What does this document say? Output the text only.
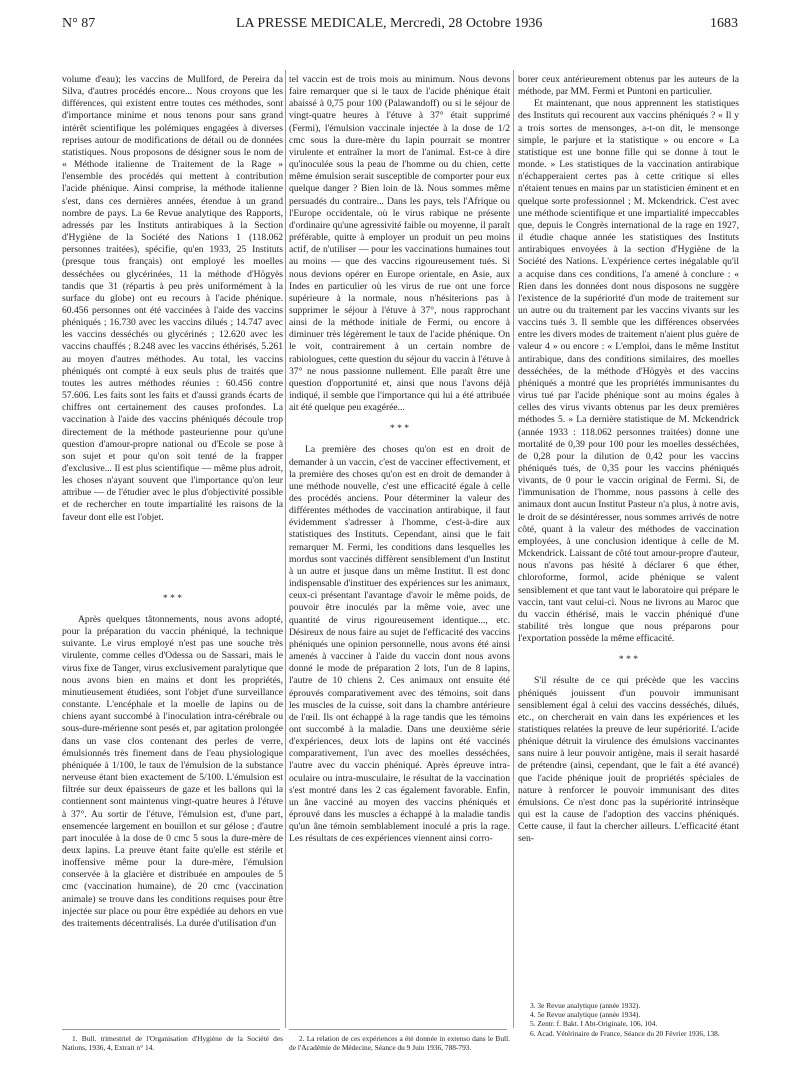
N° 87	LA PRESSE MEDICALE, Mercredi, 28 Octobre 1936	1683

volume d'eau); les vaccins de Mullford, de Pereira da Silva, d'autres procédés encore... Nous croyons que les différences, qui existent entre toutes ces méthodes, sont d'importance minime et nous tenons pour sans grand intérêt scientifique les polémiques engagées à diverses reprises autour de modifications de détail ou de données statistiques. Nous proposons de désigner sous le nom de « Méthode italienne de Traitement de la Rage » l'ensemble des procédés qui mettent à contribution l'acide phénique. Ainsi comprise, la méthode italienne s'est, dans ces dernières années, étendue à un grand nombre de pays. La 6e Revue analytique des Rapports, adressés par les Instituts antirabiques à la Section d'Hygiène de la Société des Nations 1 (118.062 personnes traitées), spécifie, qu'en 1933, 25 Instituts (presque tous français) ont employé les moelles desséchées ou glycérinées, 11 la méthode d'Högyès tandis que 31 (répartis à peu près uniformément à la surface du globe) ont eu recours à l'acide phénique. 60.456 personnes ont été vaccinées à l'aide des vaccins phéniqués ; 16.730 avec les vaccins dilués ; 14.747 avec les vaccins desséchés ou glycérinés ; 12.620 avec les vaccins chauffés ; 8.248 avec les vaccins éthérisés, 5.261 au moyen d'autres méthodes. Au total, les vaccins phéniqués ont compté à eux seuls plus de traités que toutes les autres méthodes réunies : 60.456 contre 57.606. Les faits sont les faits et d'aussi grands écarts de chiffres ont certainement des causes profondes. La vaccination à l'aide des vaccins phéniqués découle trop directement de la méthode pasteurienne pour qu'une question d'amour-propre national ou d'Ecole se pose à son sujet et pour qu'on soit tenté de la frapper d'exclusive... Il est plus scientifique — même plus adroit, les choses n'ayant souvent que l'importance qu'on leur attribue — de l'étudier avec le plus d'objectivité possible et de rechercher en toute impartialité les raisons de la faveur dont elle est l'objet.

* * *

Après quelques tâtonnements, nous avons adopté, pour la préparation du vaccin phéniqué, la technique suivante. Le virus employé n'est pas une souche très virulente, comme celles d'Odessa ou de Sassari, mais le virus fixe de Tanger, virus exclusivement paralytique que nous avons bien en mains et dont les propriétés, minutieusement étudiées, sont l'objet d'une surveillance constante. L'encéphale et la moelle de lapins ou de chiens ayant succombé à l'inoculation intra-cérébrale ou sous-dure-mérienne sont pesés et, par agitation prolongée dans un vase clos contenant des perles de verre, émulsionnés très finement dans de l'eau physiologique phéniquée à 1/100, le taux de l'émulsion de la substance nerveuse étant bien exactement de 5/100. L'émulsion est filtrée sur deux épaisseurs de gaze et les ballons qui la contiennent sont maintenus vingt-quatre heures à l'étuve à 37°. Au sortir de l'étuve, l'émulsion est, d'une part, ensemencée largement en bouillon et sur gélose ; d'autre part inoculée à la dose de 0 cmc 5 sous la dure-mère de deux lapins. La preuve étant faite qu'elle est stérile et inoffensive même pour la dure-mère, l'émulsion conservée à la glacière et distribuée en ampoules de 5 cmc (vaccination humaine), de 20 cmc (vaccination animale) se trouve dans les conditions requises pour être injectée sur place ou pour être expédiée au dehors en vue des traitements décentralisés. La durée d'utilisation d'un

tel vaccin est de trois mois au minimum. Nous devons faire remarquer que si le taux de l'acide phénique était abaissé à 0,75 pour 100 (Palawandoff) ou si le séjour de vingt-quatre heures à l'étuve à 37° était supprimé (Fermi), l'émulsion vaccinale injectée à la dose de 1/2 cmc sous la dure-mère du lapin pourrait se montrer virulente et entraîner la mort de l'animal. Est-ce à dire qu'inoculée sous la peau de l'homme ou du chien, cette même émulsion serait susceptible de comporter pour eux quelque danger ? Bien loin de là. Nous sommes même persuadés du contraire... Dans les pays, tels l'Afrique ou l'Europe occidentale, où le virus rabique ne présente d'ordinaire qu'une agressivité faible ou moyenne, il paraît préférable, quitte à employer un produit un peu moins actif, de n'utiliser — pour les vaccinations humaines tout au moins — que des vaccins rigoureusement tués. Si nous devions opérer en Europe orientale, en Asie, aux Indes en particulier où les virus de rue ont une force supérieure à la normale, nous n'hésiterions pas à supprimer le séjour à l'étuve à 37°, nous rapprochant ainsi de la méthode initiale de Fermi, ou encore à diminuer très légèrement le taux de l'acide phénique. On le voit, contrairement à un certain nombre de rabiologues, cette question du séjour du vaccin à l'étuve à 37° ne nous passionne nullement. Elle paraît être une question d'opportunité et, ainsi que nous l'avons déjà indiqué, il semble que l'importance qui lui a été attribuée ait été quelque peu exagérée...

* * *

La première des choses qu'on est en droit de demander à un vaccin, c'est de vacciner effectivement, et la première des choses qu'on est en droit de demander à une méthode nouvelle, c'est une efficacité égale à celle des procédés anciens. Pour déterminer la valeur des différentes méthodes de vaccination antirabique, il faut évidemment s'adresser à l'homme, c'est-à-dire aux statistiques des Instituts. Cependant, ainsi que le fait remarquer M. Fermi, les conditions dans lesquelles les mordus sont vaccinés diffèrent sensiblement d'un Institut à un autre et jusque dans un même Institut. Il est donc indispensable d'instituer des expériences sur les animaux, ceux-ci présentant l'avantage d'avoir le même poids, de pouvoir être inoculés par la même voie, avec une quantité de virus rigoureusement identique..., etc. Désireux de nous faire au sujet de l'efficacité des vaccins phéniqués une opinion personnelle, nous avons été ainsi amenés à vacciner à l'aide du vaccin dont nous avons donné le mode de préparation 2 lots, l'un de 8 lapins, l'autre de 10 chiens 2. Ces animaux ont ensuite été éprouvés comparativement avec des témoins, soit dans les muscles de la cuisse, soit dans la chambre antérieure de l'œil. Ils ont échappé à la rage tandis que les témoins ont succombé à la maladie. Dans une deuxième série d'expériences, deux lots de lapins ont été vaccinés comparativement, l'un avec des moelles desséchées, l'autre avec du vaccin phéniqué. Après épreuve intra-oculaire ou intra-musculaire, le résultat de la vaccination s'est montré dans les 2 cas également favorable. Enfin, un âne vacciné au moyen des vaccins phéniqués et éprouvé dans les muscles a échappé à la maladie tandis qu'un âne témoin semblablement inoculé a pris la rage. Les résultats de ces expériences viennent ainsi corro-

borer ceux antérieurement obtenus par les auteurs de la méthode, par MM. Fermi et Puntoni en particulier.

Et maintenant, que nous apprennent les statistiques des Instituts qui recourent aux vaccins phéniqués ? « Il y a trois sortes de mensonges, a-t-on dit, le mensonge simple, le parjure et la statistique » ou encore « La statistique est une bonne fille qui se donne à tout le monde. » Les statistiques de la vaccination antirabique n'échapperaient certes pas à cette critique si elles n'étaient tenues en mains par un statisticien éminent et en quelque sorte professionnel ; M. Mckendrick. C'est avec une méthode scientifique et une impartialité impeccables que, depuis le Congrès international de la rage en 1927, il étudie chaque année les statistiques des Instituts antirabiques envoyées à la section d'Hygiène de la Société des Nations. L'expérience certes inégalable qu'il a acquise dans ces conditions, l'a amené à conclure : « Rien dans les données dont nous disposons ne suggère l'existence de la supériorité d'un mode de traitement sur un autre ou du traitement par les vaccins vivants sur les vaccins tués 3. Il semble que les différences observées entre les divers modes de traitement n'aient plus guère de valeur 4 » ou encore : « L'emploi, dans le même Institut antirabique, dans des conditions similaires, des moelles desséchées, de la méthode d'Högyès et des vaccins phéniqués a montré que les propriétés immunisantes du virus tué par l'acide phénique sont au moins égales à celles des virus vivants obtenus par les deux premières méthodes 5. » La dernière statistique de M. Mckendrick (année 1933 : 118.062 personnes traitées) donne une mortalité de 0,39 pour 100 pour les moelles desséchées, de 0,28 pour la dilution de 0,42 pour les vaccins phéniqués tués, de 0,35 pour les vaccins phéniqués vivants, de 0 pour le vaccin original de Fermi. Si, de l'immunisation de l'homme, nous passons à celle des animaux dont aucun Institut Pasteur n'a plus, à notre avis, le droit de se désintéresser, nous sommes arrivés de notre côté, quant à la valeur des méthodes de vaccination employées, à une conclusion identique à celle de M. Mckendrick. Laissant de côté tout amour-propre d'auteur, nous n'avons pas hésité à déclarer 6 que éther, chloroforme, formol, acide phénique se valent sensiblement et que tant vaut le laboratoire qui prépare le vaccin, tant vaut celui-ci. Nous ne livrons au Maroc que du vaccin éthérisé, mais le vaccin phéniqué d'une stabilité très longue que nous préparons pour l'exportation possède la même efficacité.

* * *

S'il résulte de ce qui précède que les vaccins phéniqués jouissent d'un pouvoir immunisant sensiblement égal à celui des vaccins desséchés, dilués, etc., on chercherait en vain dans les expériences et les statistiques relatées la preuve de leur supériorité. L'acide phénique détruit la virulence des émulsions vaccinantes sans nuire à leur pouvoir antigène, mais il serait hasardé de prétendre (ainsi, cependant, que le fait a été avancé) que l'acide phénique jouit de propriétés spéciales de nature à renforcer le pouvoir immunisant des dites émulsions. Ce n'est donc pas la supériorité intrinsèque qui est la cause de l'adoption des vaccins phéniqués. Cette cause, il faut la chercher ailleurs. L'efficacité étant sen-

1. Bull. trimestriel de l'Organisation d'Hygiène de la Société des Nations, 1936, 4, Extrait n° 14.

2. La relation de ces expériences a été donnée in extenso dans le Bull. de l'Académie de Médecine, Séance du 9 Juin 1936, 788-793.

3. 3e Revue analytique (année 1932).

4. 5e Revue analytique (année 1934).

5. Zentr. f. Bakt. I Abt-Originale, 106, 104.

6. Acad. Vétérinaire de France, Séance du 20 Février 1936, 138.
